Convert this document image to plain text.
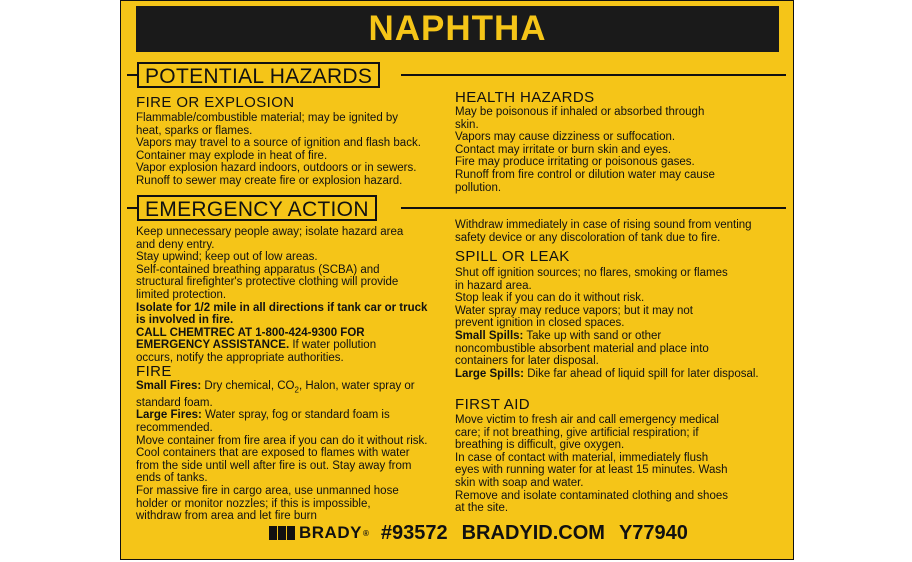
NAPHTHA
POTENTIAL HAZARDS
FIRE OR EXPLOSION

Flammable/combustible material; may be ignited by

heat, sparks or flames.

Vapors may travel to a source of ignition and flash back.

Container may explode in heat of fire.

Vapor explosion hazard indoors, outdoors or in sewers.

Runoff to sewer may create fire or explosion hazard.

HEALTH HAZARDS

May be poisonous if inhaled or absorbed through

skin.

Vapors may cause dizziness or suffocation.

Contact may irritate or burn skin and eyes.

Fire may produce irritating or poisonous gases.

Runoff from fire control or dilution water may cause

pollution.

EMERGENCY ACTION

Keep unnecessary people away; isolate hazard area

and deny entry.

Stay upwind; keep out of low areas.

Self-contained breathing apparatus (SCBA) and

structural firefighter's protective clothing will provide

limited protection.

Isolate for 1/2 mile in all directions if tank car or truck

is involved in fire.

CALL CHEMTREC AT 1-800-424-9300 FOR

EMERGENCY ASSISTANCE. If water pollution

occurs, notify the appropriate authorities.

FIRE

Small Fires: Dry chemical, $CO_2$, Halon, water spray or

standard foam.

Large Fires: Water spray, fog or standard foam is

recommended.

Move container from fire area if you can do it without risk.

Cool containers that are exposed to flames with water

from the side until well after fire is out. Stay away from

ends of tanks.

For massive fire in cargo area, use unmanned hose

holder or monitor nozzles; if this is impossible,

withdraw from area and let fire burn

Withdraw immediately in case of rising sound from venting

safety device or any discoloration of tank due to fire.

SPILL OR LEAK

Shut off ignition sources; no flares, smoking or flames

in hazard area.

Stop leak if you can do it without risk.

Water spray may reduce vapors; but it may not

prevent ignition in closed spaces.

Small Spills: Take up with sand or other

noncombustible absorbent material and place into

containers for later disposal.

Large Spills: Dike far ahead of liquid spill for later disposal.

FIRST AID

Move victim to fresh air and call emergency medical

care; if not breathing, give artificial respiration; if

breathing is difficult, give oxygen.

In case of contact with material, immediately flush

eyes with running water for at least 15 minutes. Wash

skin with soap and water.

Remove and isolate contaminated clothing and shoes

at the site.

BRADY ® #93572 BRADYID.COM Y77940
